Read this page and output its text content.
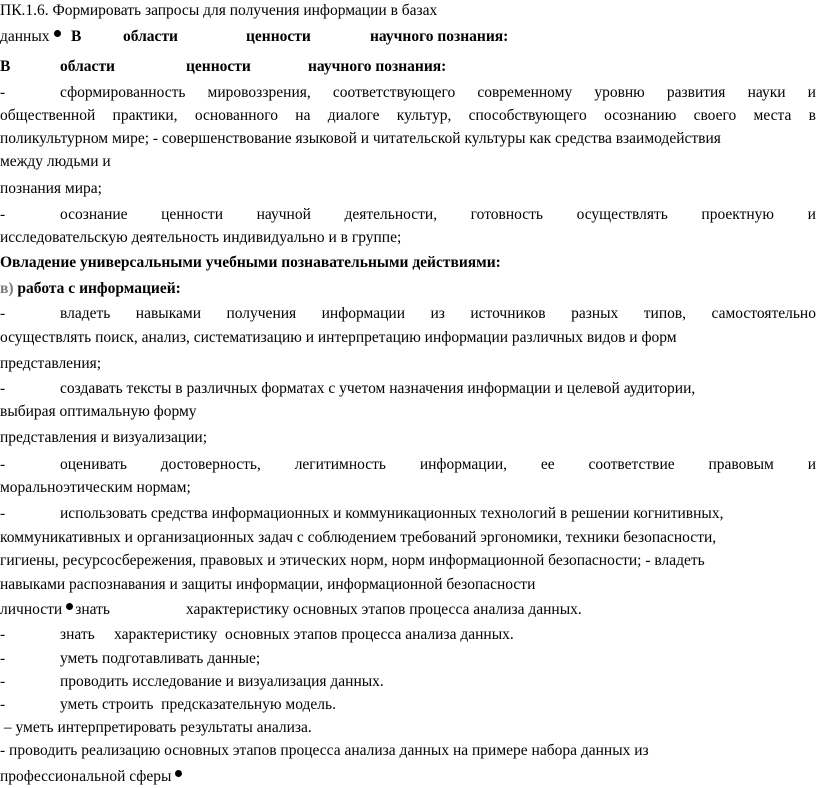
ПК.1.6. Формировать запросы для получения информации в базах
данных В	области	ценности	научного познания:
В	области	ценности	научного познания:
-	сформированность мировоззрения, соответствующего современному уровню развития науки и
общественной практики, основанного на диалоге культур, способствующего осознанию своего места в
поликультурном мире; - совершенствование языковой и читательской культуры как средства взаимодействия
между людьми и
познания мира;
-	осознание ценности научной деятельности, готовность осуществлять проектную и
исследовательскую деятельность индивидуально и в группе;
Овладение универсальными учебными познавательными действиями:
в) работа с информацией:
-	владеть навыками получения информации из источников разных типов, самостоятельно
осуществлять поиск, анализ, систематизацию и интерпретацию информации различных видов и форм
представления;
-	создавать тексты в различных форматах с учетом назначения информации и целевой аудитории,
выбирая оптимальную форму
представления и визуализации;
-	оценивать достоверность, легитимность информации, ее соответствие правовым и
моральноэтическим нормам;
-	использовать средства информационных и коммуникационных технологий в решении когнитивных,
коммуникативных и организационных задач с соблюдением требований эргономики, техники безопасности,
гигиены, ресурсосбережения, правовых и этических норм, норм информационной безопасности; - владеть
навыками распознавания и защиты информации, информационной безопасности
личности знать	характеристику основных этапов процесса анализа данных.
-	знать     характеристику  основных этапов процесса анализа данных.
-	уметь подготавливать данные;
-	проводить исследование и визуализация данных.
-	уметь строить  предсказательную модель.
– уметь интерпретировать результаты анализа.
- проводить реализацию основных этапов процесса анализа данных на примере набора данных из
профессиональной сферы
